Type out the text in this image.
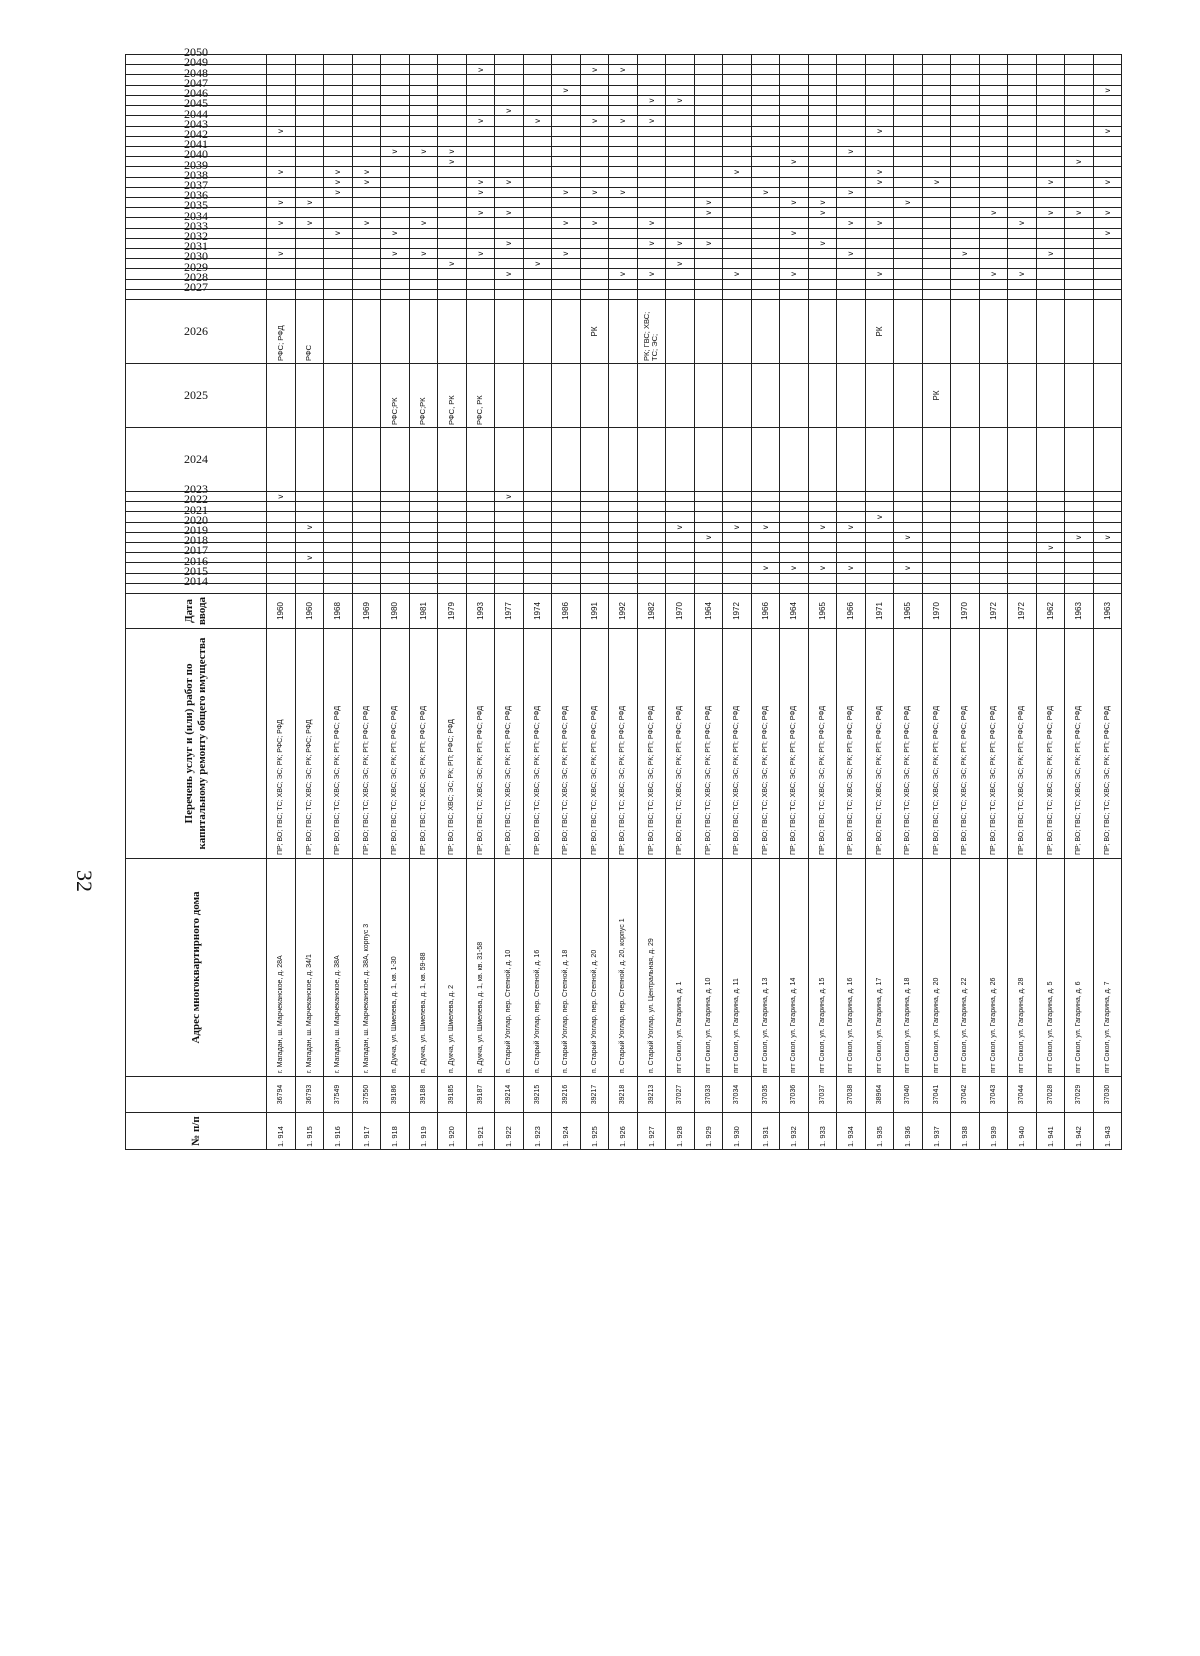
32
№ п/п		Адрес многоквартирного дома	Перечень услуг и (или) работ по капитальному ремонту общего имущества	Дата ввода	2014	2015	2016	2017	2018	2019	2020	2021	2022	2023	2024	2025	2026	2027	2028	2029	2030	2031	2032	2033	2034	2035	2036	2037	2038	2039	2040	2041	2042	2043	2044	2045	2046	2047	2048	2049	2050
1. 914	36794	г. Магадан, ш. Марчеканское, д. 28А	ПР; ВО; ГВС; ТС; ХВС; ЭС; РК; РФС; РФД	1960										v			РФС; РФД					v			v		v			v				v							
1. 915	36793	г. Магадан, ш. Марчеканское, д. 34/1	ПР; ВО; ГВС; ТС; ХВС; ЭС; РК; РФС; РФД	1960				v			v						РФС								v		v														
1. 916	37549	г. Магадан, ш. Марчеканское, д. 38А	ПР; ВО; ГВС; ТС; ХВС; ЭС; РК; РП; РФС; РФД	1968																				v				v	v	v											
1. 917	37550	г. Магадан, ш. Марчеканское, д. 38А, корпус 3	ПР; ВО; ГВС; ТС; ХВС; ЭС; РК; РП; РФС; РФД	1969																					v				v	v											
1. 918	39186	п. Дукча, ул. Шмелева, д. 1, кв. 1-30	ПР; ВО; ГВС; ТС; ХВС; ЭС; РК; РП; РФС; РФД	1980												РФС;РК						v		v								v									
1. 919	39188	п. Дукча, ул. Шмелева, д. 1, кв. 59-88	ПР; ВО; ГВС; ТС; ХВС; ЭС; РК; РП; РФС; РФД	1981												РФС;РК						v			v							v									
1. 920	39185	п. Дукча, ул. Шмелева, д. 2	ПР; ВО; ГВС; ХВС; ЭС; РК; РП; РФС; РФД	1979												РФС, РК					v										v	v									
1. 921	39187	п. Дукча, ул. Шмелева, д. 1, кв. кв. 31-58	ПР; ВО; ГВС; ТС; ХВС; ЭС; РК; РП; РФС; РФД	1993												РФС, РК						v				v		v	v						v					v	
1. 922	39214	п. Старый Уоглар, пер. Степной, д. 10	ПР; ВО; ГВС; ТС; ХВС; ЭС; РК; РП; РФС; РФД	1977										v						v			v			v			v							v					
1. 923	39215	п. Старый Уоглар, пер. Степной, д. 16	ПР; ВО; ГВС; ТС; ХВС; ЭС; РК; РП; РФС; РФД	1974																	v														v						
1. 924	39216	п. Старый Уоглар, пер. Степной, д. 18	ПР; ВО; ГВС; ТС; ХВС; ЭС; РК; РП; РФС; РФД	1986																		v			v			v										v			
1. 925	39217	п. Старый Уоглар, пер. Степной, д. 20	ПР; ВО; ГВС; ТС; ХВС; ЭС; РК; РП; РФС; РФД	1991													РК								v			v							v					v	
1. 926	39218	п. Старый Уоглар, пер. Степной, д. 20, корпус 1	ПР; ВО; ГВС; ТС; ХВС; ЭС; РК; РП; РФС; РФД	1992																v								v							v					v	
1. 927	39213	п. Старый Уоглар, ул. Центральная, д. 29	ПР; ВО; ГВС; ТС; ХВС; ЭС; РК; РП; РФС; РФД	1982													РК; ГВС; ХВС; ТС; ЭС;			v			v		v										v		v				
1. 928	37027	пгт Сокол, ул. Гагарина, д. 1	ПР; ВО; ГВС; ТС; ХВС; ЭС; РК; РП; РФС; РФД	1970							v										v		v														v				
1. 929	37033	пгт Сокол, ул. Гагарина, д. 10	ПР; ВО; ГВС; ТС; ХВС; ЭС; РК; РП; РФС; РФД	1964						v													v			v	v														
1. 930	37034	пгт Сокол, ул. Гагарина, д. 11	ПР; ВО; ГВС; ТС; ХВС; ЭС; РК; РП; РФС; РФД	1972							v									v										v											
1. 931	37035	пгт Сокол, ул. Гагарина, д. 13	ПР; ВО; ГВС; ТС; ХВС; ЭС; РК; РП; РФС; РФД	1966			v				v																	v													
1. 932	37036	пгт Сокол, ул. Гагарина, д. 14	ПР; ВО; ГВС; ТС; ХВС; ЭС; РК; РП; РФС; РФД	1964			v													v				v			v				v										
1. 933	37037	пгт Сокол, ул. Гагарина, д. 15	ПР; ВО; ГВС; ТС; ХВС; ЭС; РК; РП; РФС; РФД	1965			v				v												v			v	v														
1. 934	37038	пгт Сокол, ул. Гагарина, д. 16	ПР; ВО; ГВС; ТС; ХВС; ЭС; РК; РП; РФС; РФД	1966			v				v											v			v			v				v									
1. 935	38964	пгт Сокол, ул. Гагарина, д. 17	ПР; ВО; ГВС; ТС; ХВС; ЭС; РК; РП; РФС; РФД	1971								v					РК			v					v				v	v				v							
1. 936	37040	пгт Сокол, ул. Гагарина, д. 18	ПР; ВО; ГВС; ТС; ХВС; ЭС; РК; РП; РФС; РФД	1965			v			v																	v														
1. 937	37041	пгт Сокол, ул. Гагарина, д. 20	ПР; ВО; ГВС; ТС; ХВС; ЭС; РК; РП; РФС; РФД	1970												РК													v												
1. 938	37042	пгт Сокол, ул. Гагарина, д. 22	ПР; ВО; ГВС; ТС; ХВС; ЭС; РК; РП; РФС; РФД	1970																		v																			
1. 939	37043	пгт Сокол, ул. Гагарина, д. 26	ПР; ВО; ГВС; ТС; ХВС; ЭС; РК; РП; РФС; РФД	1972																v						v															
1. 940	37044	пгт Сокол, ул. Гагарина, д. 28	ПР; ВО; ГВС; ТС; ХВС; ЭС; РК; РП; РФС; РФД	1972																v					v																
1. 941	37028	пгт Сокол, ул. Гагарина, д. 5	ПР; ВО; ГВС; ТС; ХВС; ЭС; РК; РП; РФС; РФД	1962					v													v				v			v												
1. 942	37029	пгт Сокол, ул. Гагарина, д. 6	ПР; ВО; ГВС; ТС; ХВС; ЭС; РК; РП; РФС; РФД	1963						v																v					v										
1. 943	37030	пгт Сокол, ул. Гагарина, д. 7	ПР; ВО; ГВС; ТС; ХВС; ЭС; РК; РП; РФС; РФД	1963						v														v		v			v					v				v			
